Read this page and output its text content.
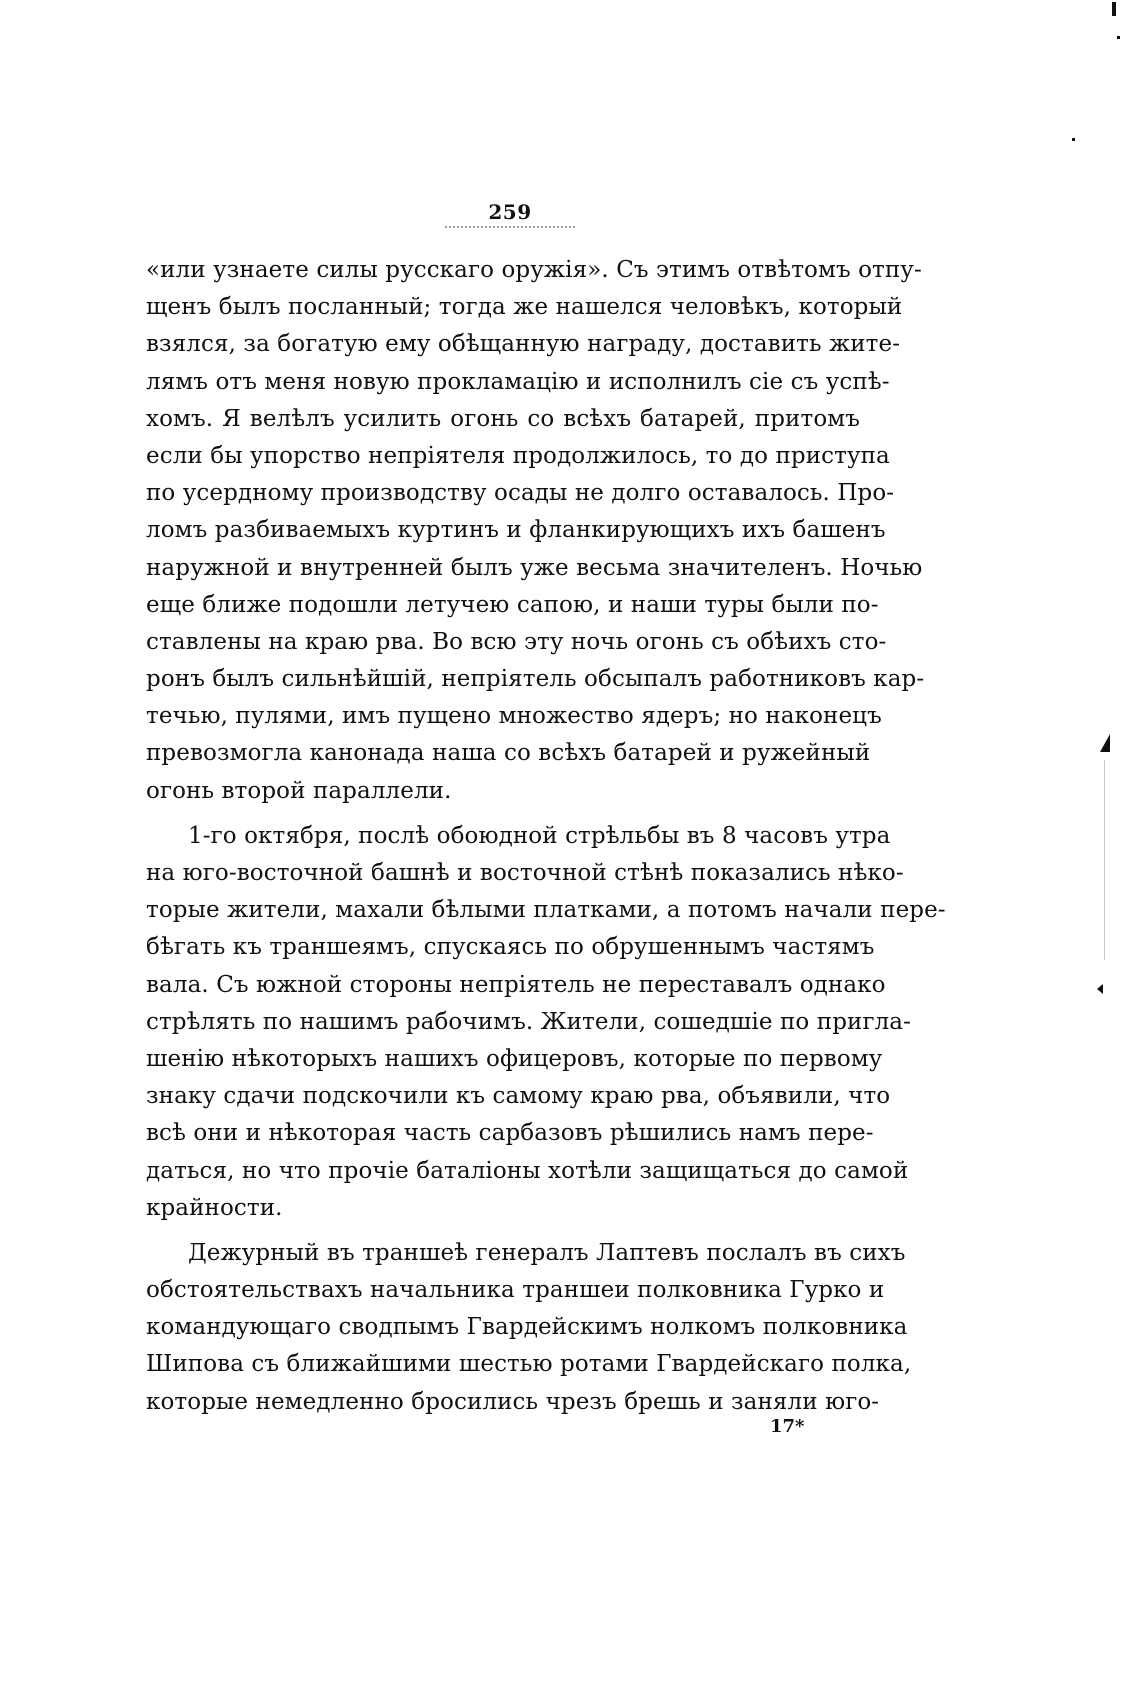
259
«или узнаете силы русскаго оружія». Съ этимъ отвѣтомъ отпу-
щенъ былъ посланный; тогда же нашелся человѣкъ, который
взялся, за богатую ему обѣщанную награду, доставить жите-
лямъ отъ меня новую прокламацію и исполнилъ сіе съ успѣ-
хомъ. Я велѣлъ усилить огонь со всѣхъ батарей, притомъ
если бы упорство непріятеля продолжилось, то до приступа
по усердному производству осады не долго оставалось. Про-
ломъ разбиваемыхъ куртинъ и фланкирующихъ ихъ башенъ
наружной и внутренней былъ уже весьма значителенъ. Ночью
еще ближе подошли летучею сапою, и наши туры были по-
ставлены на краю рва. Во всю эту ночь огонь съ обѣихъ сто-
ронъ былъ сильнѣйшій, непріятель обсыпалъ работниковъ кар-
течью, пулями, имъ пущено множество ядеръ; но наконецъ
превозмогла канонада наша со всѣхъ батарей и ружейный
огонь второй параллели.
1-го октября, послѣ обоюдной стрѣльбы въ 8 часовъ утра
на юго-восточной башнѣ и восточной стѣнѣ показались нѣко-
торые жители, махали бѣлыми платками, а потомъ начали пере-
бѣгать къ траншеямъ, спускаясь по обрушеннымъ частямъ
вала. Съ южной стороны непріятель не переставалъ однако
стрѣлять по нашимъ рабочимъ. Жители, сошедшіе по пригла-
шенію нѣкоторыхъ нашихъ офицеровъ, которые по первому
знаку сдачи подскочили къ самому краю рва, объявили, что
всѣ они и нѣкоторая часть сарбазовъ рѣшились намъ пере-
даться, но что прочіе баталіоны хотѣли защищаться до самой
крайности.
Дежурный въ траншеѣ генералъ Лаптевъ послалъ въ сихъ
обстоятельствахъ начальника траншеи полковника Гурко и
командующаго сводпымъ Гвардейскимъ нолкомъ полковника
Шипова съ ближайшими шестью ротами Гвардейскаго полка,
которые немедленно бросились чрезъ брешь и заняли юго-
17*
